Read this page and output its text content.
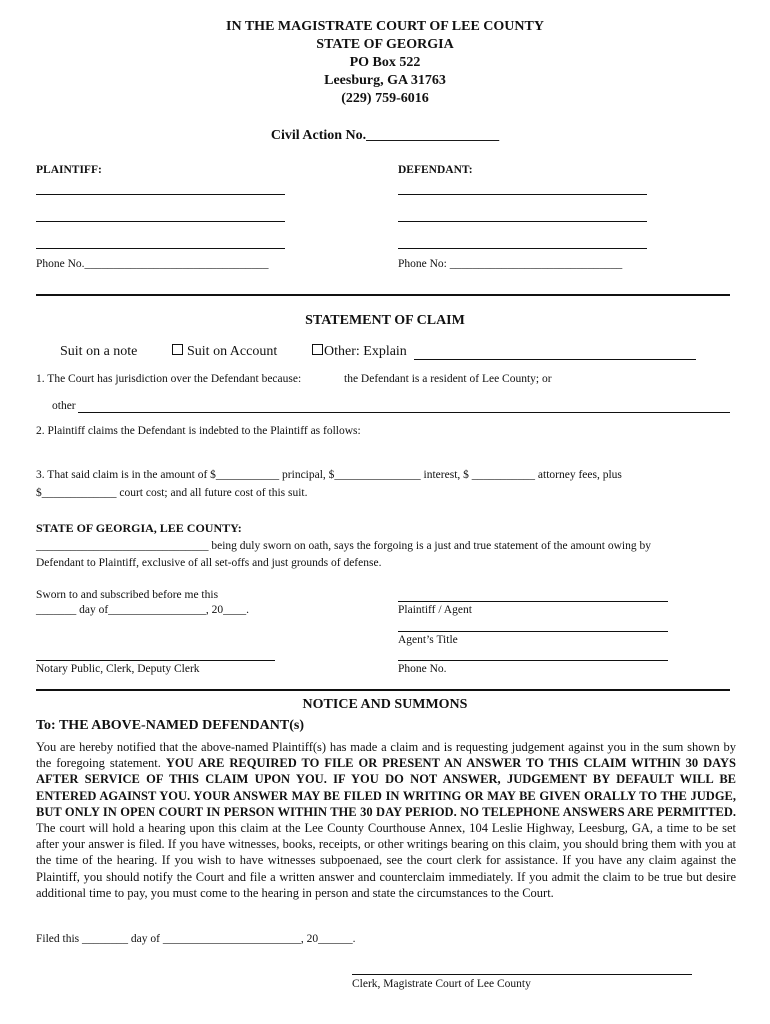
IN THE MAGISTRATE COURT OF LEE COUNTY
STATE OF GEORGIA
PO Box 522
Leesburg, GA 31763
(229) 759-6016
Civil Action No.___________________
PLAINTIFF:	DEFENDANT:
Phone No.________________________________	Phone No: ______________________________
STATEMENT OF CLAIM
Suit on a note	Suit on Account	Other: Explain
1. The Court has jurisdiction over the Defendant because:	the Defendant is a resident of Lee County; or
other
2. Plaintiff claims the Defendant is indebted to the Plaintiff as follows:
3. That said claim is in the amount of $___________ principal, $_______________ interest, $ ___________ attorney fees, plus
$_____________ court cost; and all future cost of this suit.
STATE OF GEORGIA, LEE COUNTY:
______________________________ being duly sworn on oath, says the forgoing is a just and true statement of the amount owing by
Defendant to Plaintiff, exclusive of all set-offs and just grounds of defense.
Sworn to and subscribed before me this
_______ day of_________________, 20____.	Plaintiff / Agent
Agent’s Title
Notary Public, Clerk, Deputy Clerk	Phone No.
NOTICE AND SUMMONS
To: THE ABOVE-NAMED DEFENDANT(s)
You are hereby notified that the above-named Plaintiff(s) has made a claim and is requesting judgement against you in the sum shown by the foregoing statement. YOU ARE REQUIRED TO FILE OR PRESENT AN ANSWER TO THIS CLAIM WITHIN 30 DAYS AFTER SERVICE OF THIS CLAIM UPON YOU. IF YOU DO NOT ANSWER, JUDGEMENT BY DEFAULT WILL BE ENTERED AGAINST YOU. YOUR ANSWER MAY BE FILED IN WRITING OR MAY BE GIVEN ORALLY TO THE JUDGE, BUT ONLY IN OPEN COURT IN PERSON WITHIN THE 30 DAY PERIOD. NO TELEPHONE ANSWERS ARE PERMITTED. The court will hold a hearing upon this claim at the Lee County Courthouse Annex, 104 Leslie Highway, Leesburg, GA, a time to be set after your answer is filed. If you have witnesses, books, receipts, or other writings bearing on this claim, you should bring them with you at the time of the hearing. If you wish to have witnesses subpoenaed, see the court clerk for assistance. If you have any claim against the Plaintiff, you should notify the Court and file a written answer and counterclaim immediately. If you admit the claim to be true but desire additional time to pay, you must come to the hearing in person and state the circumstances to the Court.
Filed this ________ day of ________________________, 20______.
Clerk, Magistrate Court of Lee County
